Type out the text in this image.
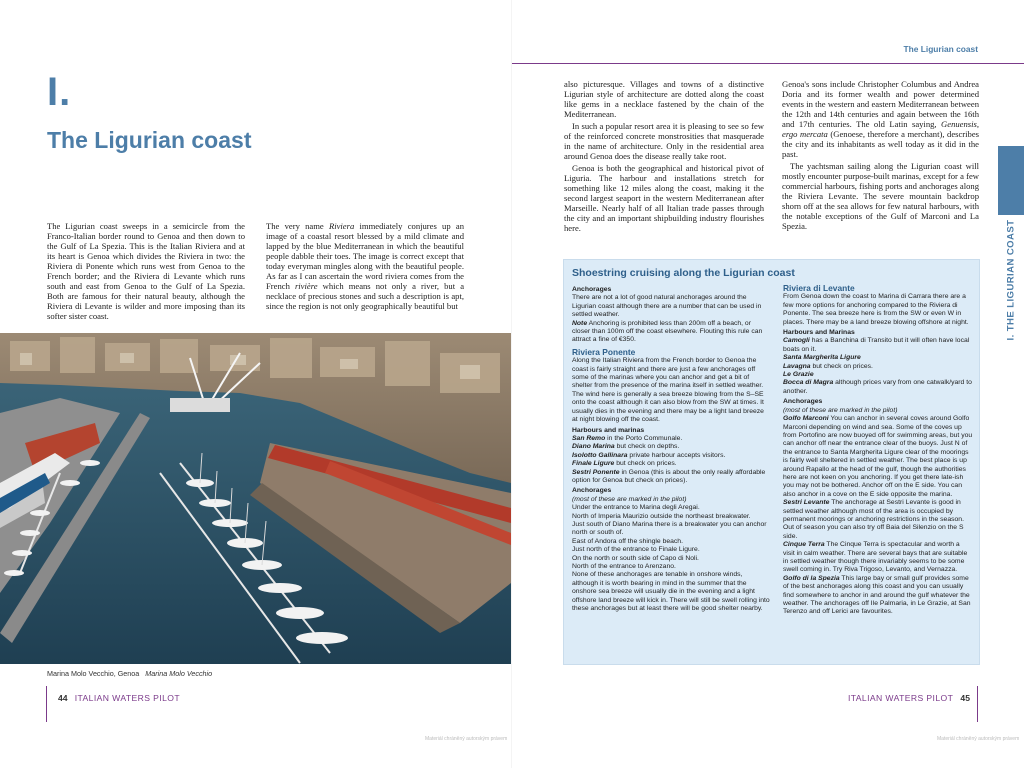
I.
The Ligurian coast

The Ligurian coast sweeps in a semicircle from the Franco-Italian border round to Genoa and then down to the Gulf of La Spezia. This is the Italian Riviera and at its heart is Genoa which divides the Riviera in two: the Riviera di Ponente which runs west from Genoa to the French border; and the Riviera di Levante which runs south and east from Genoa to the Gulf of La Spezia. Both are famous for their natural beauty, although the Riviera di Levante is wilder and more imposing than its softer sister coast.

The very name Riviera immediately conjures up an image of a coastal resort blessed by a mild climate and lapped by the blue Mediterranean in which the beautiful people dabble their toes. The image is correct except that today everyman mingles along with the beautiful people. As far as I can ascertain the word riviera comes from the French rivière which means not only a river, but a necklace of precious stones and such a description is apt, since the region is not only geographically beautiful but

Marina Molo Vecchio, Genoa Marina Molo Vecchio
44 ITALIAN WATERS PILOT
Materiál chráněný autorským právem
The Ligurian coast

also picturesque. Villages and towns of a distinctive Ligurian style of architecture are dotted along the coast like gems in a necklace fastened by the chain of the Mediterranean.

In such a popular resort area it is pleasing to see so few of the reinforced concrete monstrosities that masquerade in the name of architecture. Only in the residential area around Genoa does the disease really take root.

Genoa is both the geographical and historical pivot of Liguria. The harbour and installations stretch for something like 12 miles along the coast, making it the second largest seaport in the western Mediterranean after Marseille. Nearly half of all Italian trade passes through the city and an important shipbuilding industry flourishes here.

Genoa's sons include Christopher Columbus and Andrea Doria and its former wealth and power determined events in the western and eastern Mediterranean between the 12th and 14th centuries and again between the 16th and 17th centuries. The old Latin saying, Genuensis, ergo mercata (Genoese, therefore a merchant), describes the city and its inhabitants as well today as it did in the past.

The yachtsman sailing along the Ligurian coast will mostly encounter purpose-built marinas, except for a few commercial harbours, fishing ports and anchorages along the Riviera Levante. The severe mountain backdrop shorn off at the sea allows for few natural harbours, with the notable exceptions of the Gulf of Marconi and La Spezia.	I. THE LIGURIAN COAST
Shoestring cruising along the Ligurian coast
Anchorages

There are not a lot of good natural anchorages around the Ligurian coast although there are a number that can be used in settled weather.

Note Anchoring is prohibited less than 200m off a beach, or closer than 100m off the coast elsewhere. Flouting this rule can attract a fine of €350.

Riviera Ponente

Along the Italian Riviera from the French border to Genoa the coast is fairly straight and there are just a few anchorages off some of the marinas where you can anchor and get a bit of shelter from the presence of the marina itself in settled weather. The wind here is generally a sea breeze blowing from the S–SE onto the coast although it can also blow from the SW at times. It usually dies in the evening and there may be a light land breeze at night blowing off the coast.

Harbours and marinas

San Remo in the Porto Communale.

Diano Marina but check on depths.

Isolotto Gallinara private harbour accepts visitors.

Finale Ligure but check on prices.

Sestri Ponente in Genoa (this is about the only really affordable option for Genoa but check on prices).

Anchorages

(most of these are marked in the pilot)

Under the entrance to Marina degli Aregai.

North of Imperia Maurizio outside the northeast breakwater.

Just south of Diano Marina there is a breakwater you can anchor north or south of.

East of Andora off the shingle beach.

Just north of the entrance to Finale Ligure.

On the north or south side of Capo di Noli.

North of the entrance to Arenzano.

None of these anchorages are tenable in onshore winds, although it is worth bearing in mind in the summer that the onshore sea breeze will usually die in the evening and a light offshore land breeze will kick in. There will still be swell rolling into these anchorages but at least there will be good shelter nearby.

Riviera di Levante

From Genoa down the coast to Marina di Carrara there are a few more options for anchoring compared to the Riviera di Ponente. The sea breeze here is from the SW or even W in places. There may be a land breeze blowing offshore at night.

Harbours and Marinas

Camogli has a Banchina di Transito but it will often have local boats on it.

Santa Margherita Ligure

Lavagna but check on prices.

Le Grazie

Bocca di Magra although prices vary from one catwalk/yard to another.

Anchorages

(most of these are marked in the pilot)

Golfo Marconi You can anchor in several coves around Golfo Marconi depending on wind and sea. Some of the coves up from Portofino are now buoyed off for swimming areas, but you can anchor off near the entrance clear of the buoys. Just N of the entrance to Santa Margherita Ligure clear of the moorings is fairly well sheltered in settled weather. The best place is up around Rapallo at the head of the gulf, though the authorities here are not keen on you anchoring. If you get there late-ish you may not be bothered. Anchor off on the E side. You can also anchor in a cove on the E side opposite the marina.

Sestri Levante The anchorage at Sestri Levante is good in settled weather although most of the area is occupied by permanent moorings or anchoring restrictions in the season. Out of season you can also try off Baia del Silenzio on the S side.

Cinque Terra The Cinque Terra is spectacular and worth a visit in calm weather. There are several bays that are suitable in settled weather though there invariably seems to be some swell coming in. Try Riva Trigoso, Levanto, and Vernazza.

Golfo di la Spezia This large bay or small gulf provides some of the best anchorages along this coast and you can usually find somewhere to anchor in and around the gulf whatever the weather. The anchorages off Ile Palmaria, in Le Grazie, at San Terenzo and off Lerici are favourites.

ITALIAN WATERS PILOT 45
Materiál chráněný autorským právem
